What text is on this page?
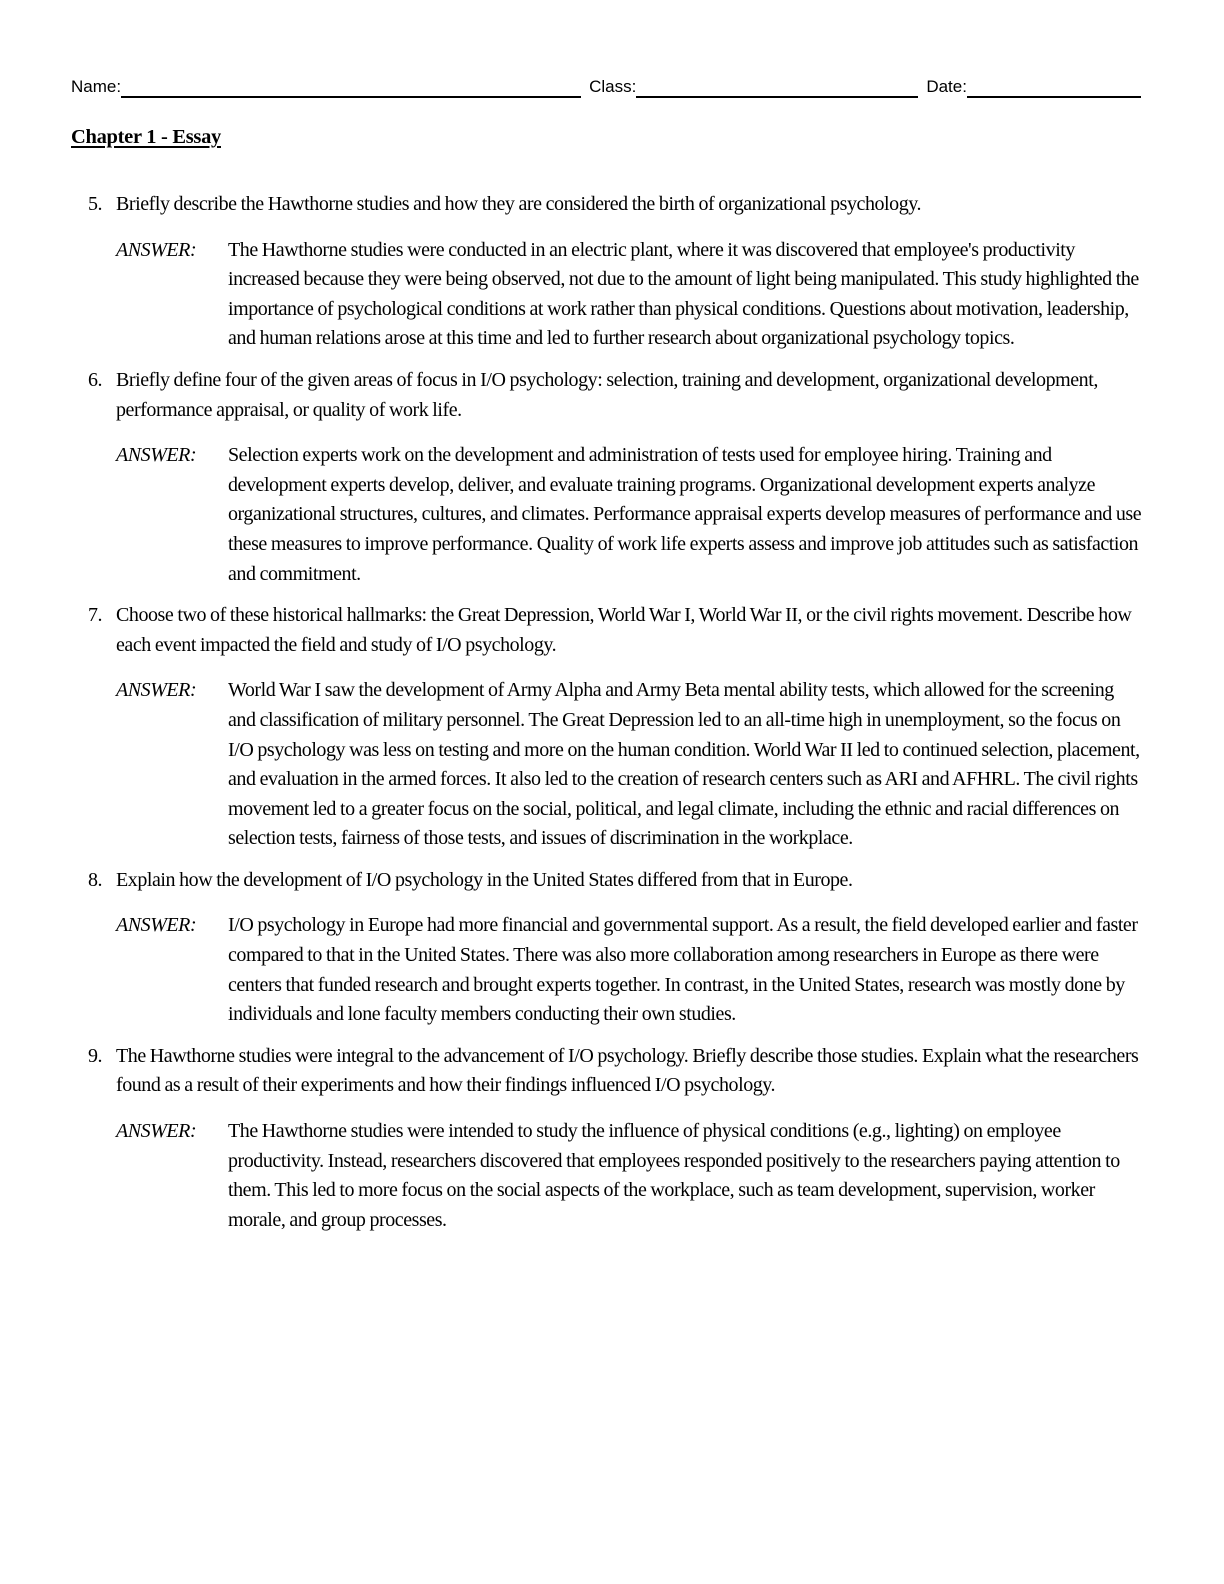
Name:	Class:	Date:
Chapter 1 - Essay
5. Briefly describe the Hawthorne studies and how they are considered the birth of organizational psychology.
ANSWER:	The Hawthorne studies were conducted in an electric plant, where it was discovered that employee's productivity increased because they were being observed, not due to the amount of light being manipulated. This study highlighted the importance of psychological conditions at work rather than physical conditions. Questions about motivation, leadership, and human relations arose at this time and led to further research about organizational psychology topics.
6. Briefly define four of the given areas of focus in I/O psychology: selection, training and development, organizational development, performance appraisal, or quality of work life.
ANSWER:	Selection experts work on the development and administration of tests used for employee hiring. Training and development experts develop, deliver, and evaluate training programs. Organizational development experts analyze organizational structures, cultures, and climates. Performance appraisal experts develop measures of performance and use these measures to improve performance. Quality of work life experts assess and improve job attitudes such as satisfaction and commitment.
7. Choose two of these historical hallmarks: the Great Depression, World War I, World War II, or the civil rights movement. Describe how each event impacted the field and study of I/O psychology.
ANSWER:	World War I saw the development of Army Alpha and Army Beta mental ability tests, which allowed for the screening and classification of military personnel. The Great Depression led to an all-time high in unemployment, so the focus on I/O psychology was less on testing and more on the human condition. World War II led to continued selection, placement, and evaluation in the armed forces. It also led to the creation of research centers such as ARI and AFHRL. The civil rights movement led to a greater focus on the social, political, and legal climate, including the ethnic and racial differences on selection tests, fairness of those tests, and issues of discrimination in the workplace.
8. Explain how the development of I/O psychology in the United States differed from that in Europe.
ANSWER:	I/O psychology in Europe had more financial and governmental support. As a result, the field developed earlier and faster compared to that in the United States. There was also more collaboration among researchers in Europe as there were centers that funded research and brought experts together. In contrast, in the United States, research was mostly done by individuals and lone faculty members conducting their own studies.
9. The Hawthorne studies were integral to the advancement of I/O psychology. Briefly describe those studies. Explain what the researchers found as a result of their experiments and how their findings influenced I/O psychology.
ANSWER:	The Hawthorne studies were intended to study the influence of physical conditions (e.g., lighting) on employee productivity. Instead, researchers discovered that employees responded positively to the researchers paying attention to them. This led to more focus on the social aspects of the workplace, such as team development, supervision, worker morale, and group processes.
